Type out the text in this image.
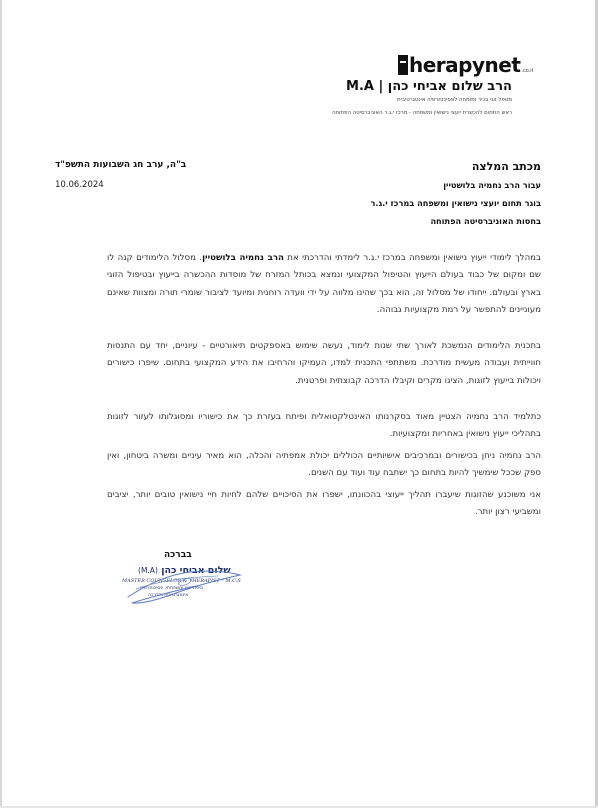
herapynet .co.il
הרב שלום אביחי כהן | M.A
מטפל זוגי בכיר ומומחה לפסיכותרפיה אינטגרטיבית
ראש התחום להכשרת יועצי נישואין ומשפחה - מרכז י.ג.ר האוניברסיטה הפתוחה
מכתב המלצה
ב"ה, ערב חג השבועות התשפ"ד
10.06.2024	עבור הרב נחמיה בלושטיין
בוגר תחום יועצי נישואין ומשפחה במרכז י.ג.ר
בחסות האוניברסיטה הפתוחה
במהלך לימודי ייעוץ נישואין ומשפחה במרכז י.ג.ר לימדתי והדרכתי את הרב נחמיה בלושטיין. מסלול הלימודים קנה לו שם ומקום של כבוד בעולם הייעוץ והטיפול המקצועי ונמצא בכותל המזרח של מוסדות ההכשרה בייעוץ ובטיפול הזוגי בארץ ובעולם. ייחודו של מסלול זה, הוא בכך שהינו מלווה על ידי וועדה רוחנית ומיועד לציבור שומרי תורה ומצוות שאינם מעוניינים להתפשר על רמת מקצועיות גבוהה.
בתכנית הלימודים הנמשכת לאורך שתי שנות לימוד, נעשה שימוש באספקטים תיאורטיים - עיוניים, יחד עם התנסות חווייתית ועבודה מעשית מודרכת. משתתפי התכנית למדו, העמיקו והרחיבו את הידע המקצועי בתחום. שיפרו כישורים ויכולות בייעוץ לזוגות, הציגו מקרים וקיבלו הדרכה קבוצתית ופרטנית.
כתלמיד הרב נחמיה הצטיין מאוד בסקרנותו האינטלקטואלית ופיתח בעזרת כך את כישוריו ומסוגלותו לעזור לזוגות בתהליכי ייעוץ נישואין באחריות ומקצועיות.
הרב נחמיה ניחן בכישורים ובמרכיבים אישיותיים הכוללים יכולת אמפתיה והכלה, הוא מאיר עיניים ומשרה ביטחון, ואין ספק שככל שימשיך להיות בתחום כך ישתבח עוד ועוד עם השנים.
אני משוכנע שהזוגות שיעברו תהליך ייעוצי בהכוונתו, ישפרו את הסיכויים שלהם לחיות חיי נישואין טובים יותר, יציבים ומשביעי רצון יותר.
בברכה
שלום אביחי כהן (M.A)
MASTER COUNSELOR & THERAPIST * M.C.S
טיפול זוגי ומשפחתי, פסיכותרפיה
אינטגרטיבית והדרכה
